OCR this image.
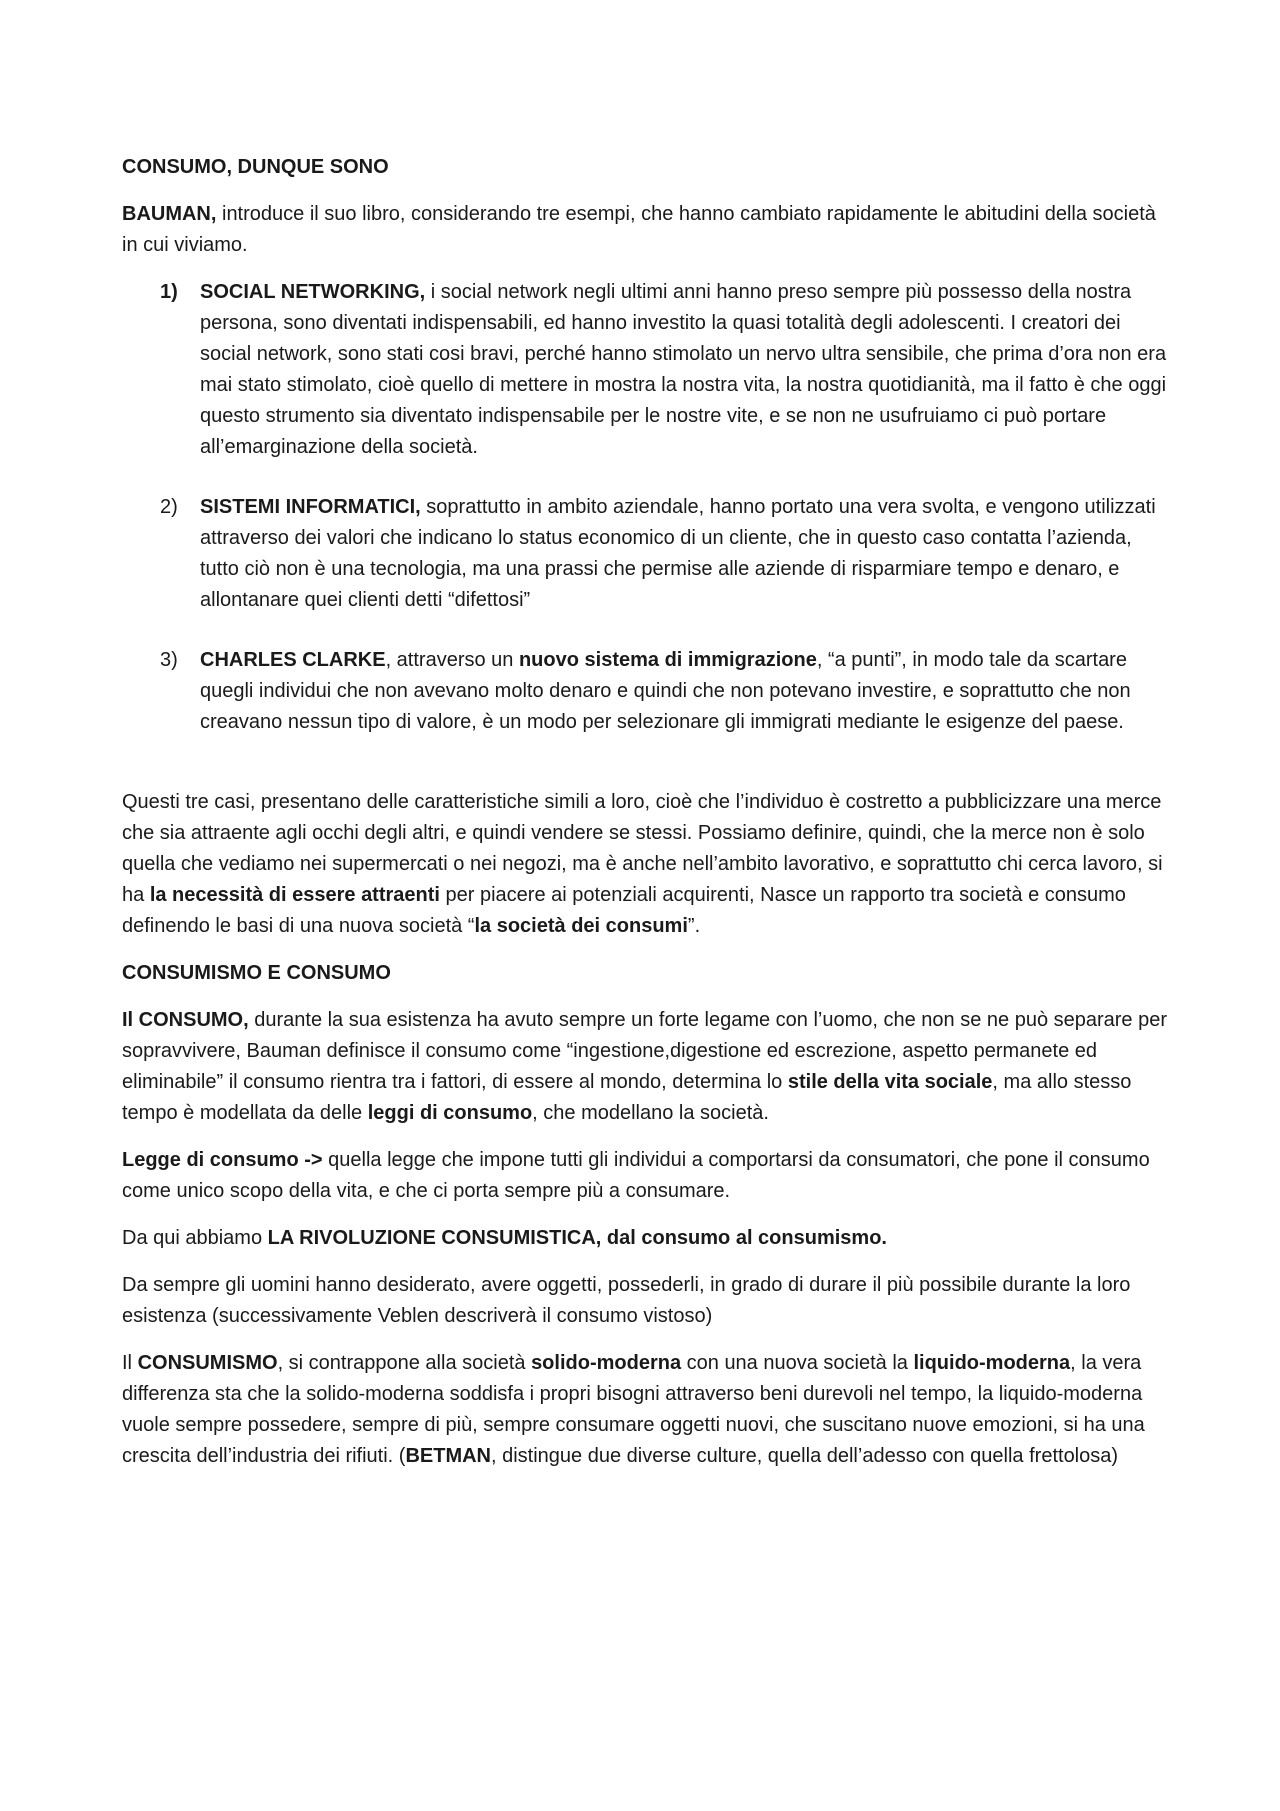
CONSUMO, DUNQUE SONO

BAUMAN, introduce il suo libro, considerando tre esempi, che hanno cambiato rapidamente le abitudini della società in cui viviamo.

1) SOCIAL NETWORKING, i social network negli ultimi anni hanno preso sempre più possesso della nostra persona, sono diventati indispensabili, ed hanno investito la quasi totalità degli adolescenti. I creatori dei social network, sono stati cosi bravi, perché hanno stimolato un nervo ultra sensibile, che prima d’ora non era mai stato stimolato, cioè quello di mettere in mostra la nostra vita, la nostra quotidianità, ma il fatto è che oggi questo strumento sia diventato indispensabile per le nostre vite, e se non ne usufruiamo ci può portare all’emarginazione della società.
2) SISTEMI INFORMATICI, soprattutto in ambito aziendale, hanno portato una vera svolta, e vengono utilizzati attraverso dei valori che indicano lo status economico di un cliente, che in questo caso contatta l’azienda, tutto ciò non è una tecnologia, ma una prassi che permise alle aziende di risparmiare tempo e denaro, e allontanare quei clienti detti “difettosi”
3) CHARLES CLARKE, attraverso un nuovo sistema di immigrazione, “a punti”, in modo tale da scartare quegli individui che non avevano molto denaro e quindi che non potevano investire, e soprattutto che non creavano nessun tipo di valore, è un modo per selezionare gli immigrati mediante le esigenze del paese.

Questi tre casi, presentano delle caratteristiche simili a loro, cioè che l’individuo è costretto a pubblicizzare una merce che sia attraente agli occhi degli altri, e quindi vendere se stessi. Possiamo definire, quindi, che la merce non è solo quella che vediamo nei supermercati o nei negozi, ma è anche nell’ambito lavorativo, e soprattutto chi cerca lavoro, si ha la necessità di essere attraenti per piacere ai potenziali acquirenti, Nasce un rapporto tra società e consumo definendo le basi di una nuova società “la società dei consumi”.

CONSUMISMO E CONSUMO

Il CONSUMO, durante la sua esistenza ha avuto sempre un forte legame con l’uomo, che non se ne può separare per sopravvivere, Bauman definisce il consumo come “ingestione,digestione ed escrezione, aspetto permanete ed eliminabile” il consumo rientra tra i fattori, di essere al mondo, determina lo stile della vita sociale, ma allo stesso tempo è modellata da delle leggi di consumo, che modellano la società.

Legge di consumo -> quella legge che impone tutti gli individui a comportarsi da consumatori, che pone il consumo come unico scopo della vita, e che ci porta sempre più a consumare.

Da qui abbiamo LA RIVOLUZIONE CONSUMISTICA, dal consumo al consumismo.

Da sempre gli uomini hanno desiderato, avere oggetti, possederli, in grado di durare il più possibile durante la loro esistenza (successivamente Veblen descriverà il consumo vistoso)

Il CONSUMISMO, si contrappone alla società solido-moderna con una nuova società la liquido-moderna, la vera differenza sta che la solido-moderna soddisfa i propri bisogni attraverso beni durevoli nel tempo, la liquido-moderna vuole sempre possedere, sempre di più, sempre consumare oggetti nuovi, che suscitano nuove emozioni, si ha una crescita dell’industria dei rifiuti. (BETMAN, distingue due diverse culture, quella dell’adesso con quella frettolosa)
